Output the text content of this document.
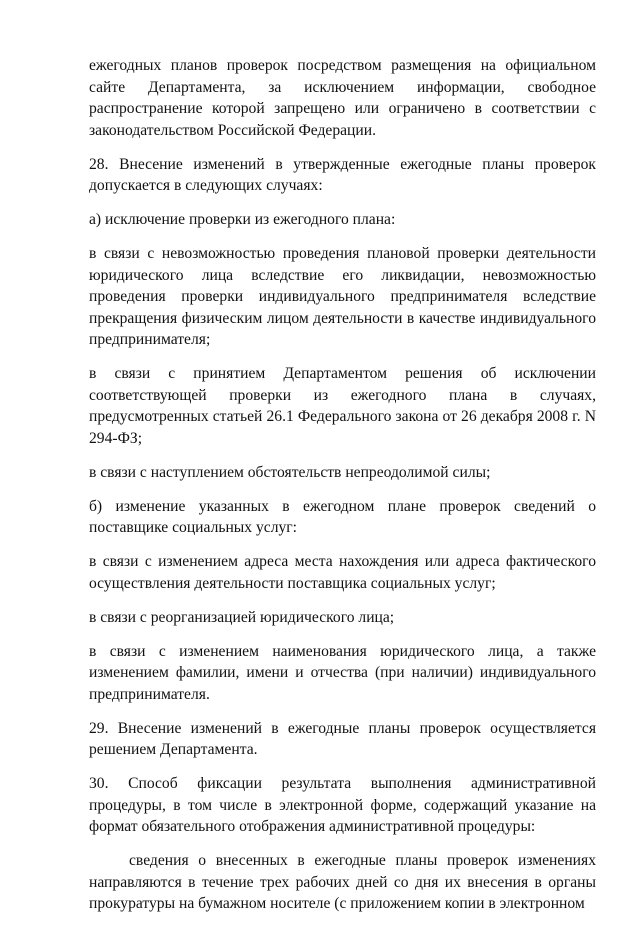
ежегодных планов проверок посредством размещения на официальном сайте Департамента, за исключением информации, свободное распространение которой запрещено или ограничено в соответствии с законодательством Российской Федерации.

28. Внесение изменений в утвержденные ежегодные планы проверок допускается в следующих случаях:

а) исключение проверки из ежегодного плана:

в связи с невозможностью проведения плановой проверки деятельности юридического лица вследствие его ликвидации, невозможностью проведения проверки индивидуального предпринимателя вследствие прекращения физическим лицом деятельности в качестве индивидуального предпринимателя;

в связи с принятием Департаментом решения об исключении соответствующей проверки из ежегодного плана в случаях, предусмотренных статьей 26.1 Федерального закона от 26 декабря 2008 г. N 294-ФЗ;

в связи с наступлением обстоятельств непреодолимой силы;

б) изменение указанных в ежегодном плане проверок сведений о поставщике социальных услуг:

в связи с изменением адреса места нахождения или адреса фактического осуществления деятельности поставщика социальных услуг;

в связи с реорганизацией юридического лица;

в связи с изменением наименования юридического лица, а также изменением фамилии, имени и отчества (при наличии) индивидуального предпринимателя.

29. Внесение изменений в ежегодные планы проверок осуществляется решением Департамента.

30. Способ фиксации результата выполнения административной процедуры, в том числе в электронной форме, содержащий указание на формат обязательного отображения административной процедуры:

сведения о внесенных в ежегодные планы проверок изменениях направляются в течение трех рабочих дней со дня их внесения в органы прокуратуры на бумажном носителе (с приложением копии в электронном
